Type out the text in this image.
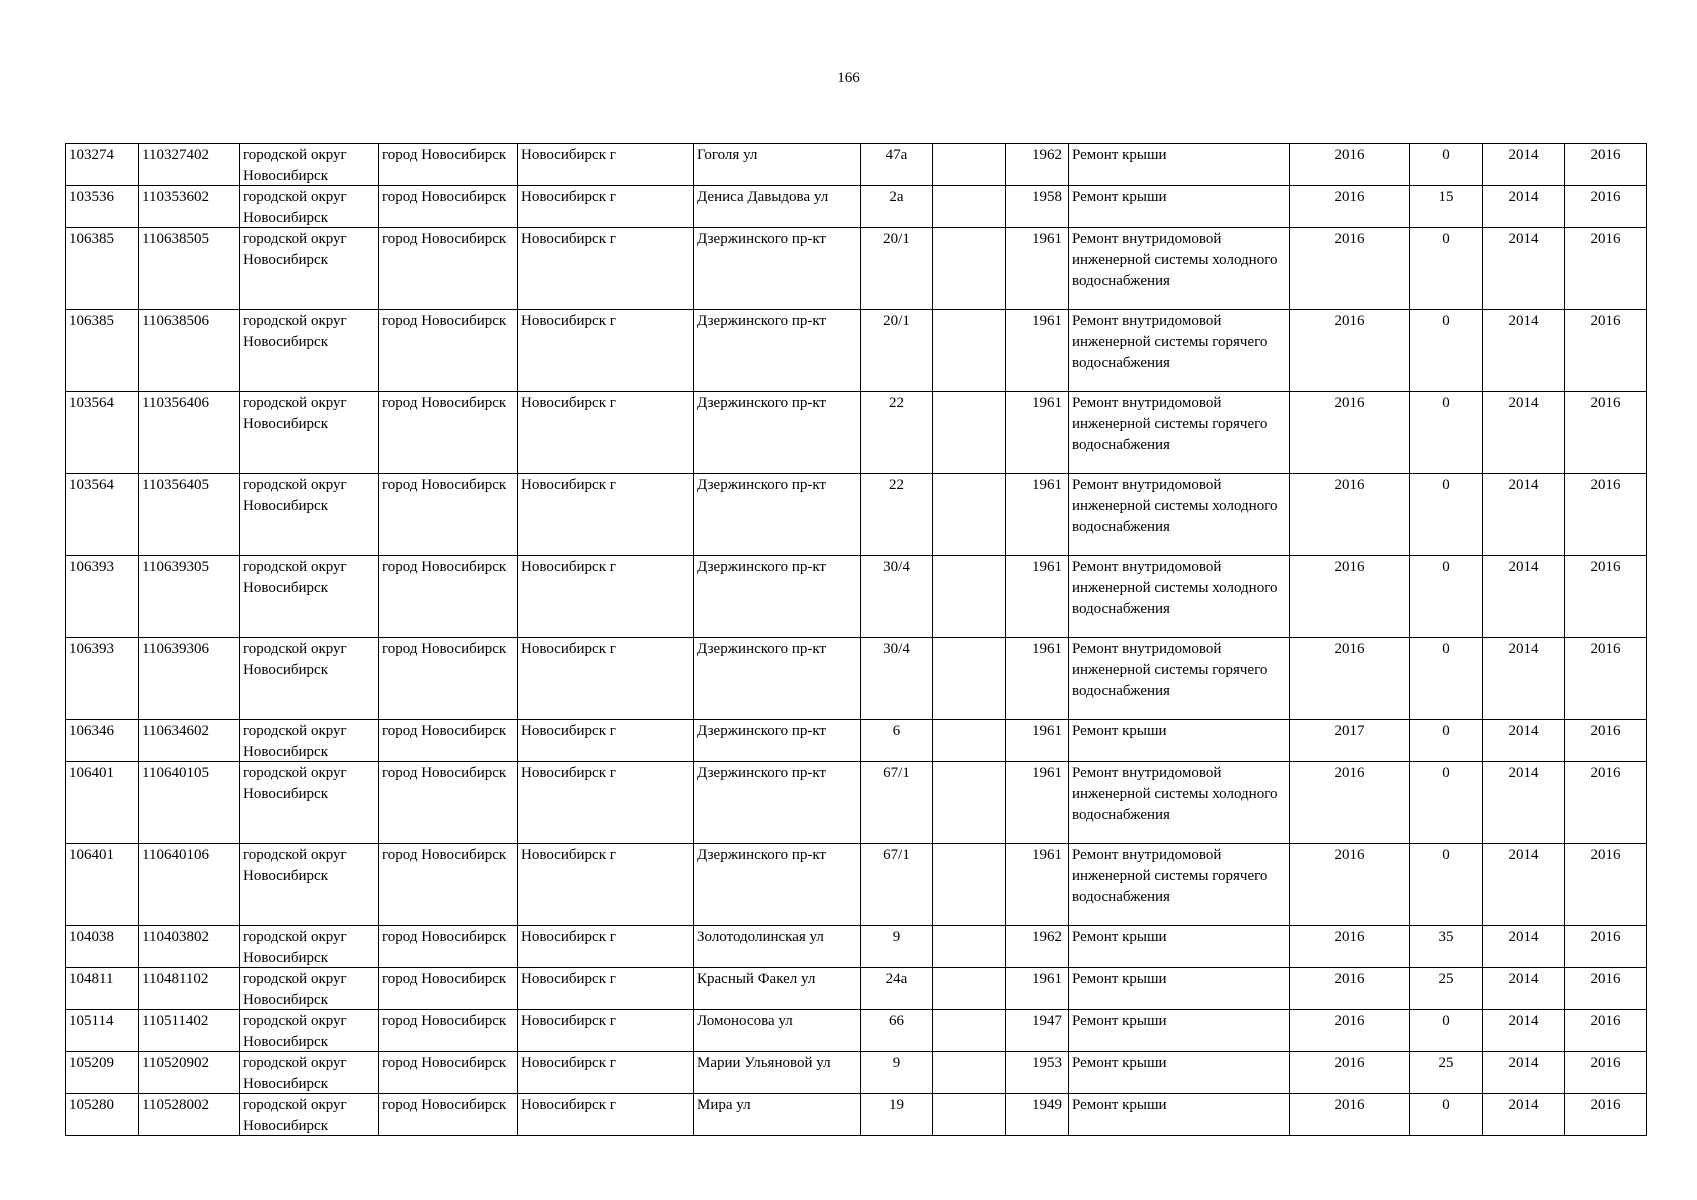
166
103274	110327402	городской округ Новосибирск	город Новосибирск	Новосибирск г	Гоголя ул	47а		1962	Ремонт крыши	2016	0	2014	2016

103536	110353602	городской округ Новосибирск	город Новосибирск	Новосибирск г	Дениса Давыдова ул	2а		1958	Ремонт крыши	2016	15	2014	2016

106385	110638505	городской округ Новосибирск	город Новосибирск	Новосибирск г	Дзержинского пр-кт	20/1		1961	Ремонт внутридомовой инженерной системы холодного водоснабжения	2016	0	2014	2016

106385	110638506	городской округ Новосибирск	город Новосибирск	Новосибирск г	Дзержинского пр-кт	20/1		1961	Ремонт внутридомовой инженерной системы горячего водоснабжения	2016	0	2014	2016

103564	110356406	городской округ Новосибирск	город Новосибирск	Новосибирск г	Дзержинского пр-кт	22		1961	Ремонт внутридомовой инженерной системы горячего водоснабжения	2016	0	2014	2016

103564	110356405	городской округ Новосибирск	город Новосибирск	Новосибирск г	Дзержинского пр-кт	22		1961	Ремонт внутридомовой инженерной системы холодного водоснабжения	2016	0	2014	2016

106393	110639305	городской округ Новосибирск	город Новосибирск	Новосибирск г	Дзержинского пр-кт	30/4		1961	Ремонт внутридомовой инженерной системы холодного водоснабжения	2016	0	2014	2016

106393	110639306	городской округ Новосибирск	город Новосибирск	Новосибирск г	Дзержинского пр-кт	30/4		1961	Ремонт внутридомовой инженерной системы горячего водоснабжения	2016	0	2014	2016

106346	110634602	городской округ Новосибирск	город Новосибирск	Новосибирск г	Дзержинского пр-кт	6		1961	Ремонт крыши	2017	0	2014	2016

106401	110640105	городской округ Новосибирск	город Новосибирск	Новосибирск г	Дзержинского пр-кт	67/1		1961	Ремонт внутридомовой инженерной системы холодного водоснабжения	2016	0	2014	2016

106401	110640106	городской округ Новосибирск	город Новосибирск	Новосибирск г	Дзержинского пр-кт	67/1		1961	Ремонт внутридомовой инженерной системы горячего водоснабжения	2016	0	2014	2016

104038	110403802	городской округ Новосибирск	город Новосибирск	Новосибирск г	Золотодолинская ул	9		1962	Ремонт крыши	2016	35	2014	2016

104811	110481102	городской округ Новосибирск	город Новосибирск	Новосибирск г	Красный Факел ул	24а		1961	Ремонт крыши	2016	25	2014	2016

105114	110511402	городской округ Новосибирск	город Новосибирск	Новосибирск г	Ломоносова ул	66		1947	Ремонт крыши	2016	0	2014	2016

105209	110520902	городской округ Новосибирск	город Новосибирск	Новосибирск г	Марии Ульяновой ул	9		1953	Ремонт крыши	2016	25	2014	2016

105280	110528002	городской округ Новосибирск	город Новосибирск	Новосибирск г	Мира ул	19		1949	Ремонт крыши	2016	0	2014	2016
